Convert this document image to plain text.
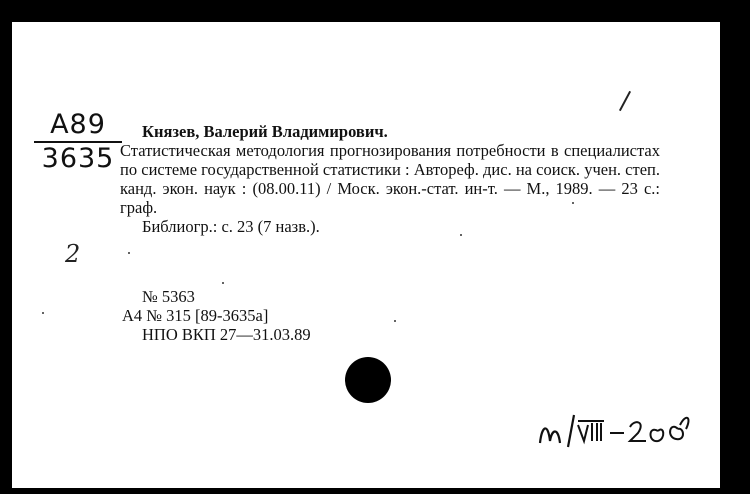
A89
3635
2

Князев, Валерий Владимирович.
Статистическая методология прогнозирования потребности в специалистах по системе государственной статистики : Автореф. дис. на соиск. учен. степ. канд. экон. наук : (08.00.11) / Моск. экон.-стат. ин-т. — М., 1989. — 23 с.: граф.

Библиогр.: с. 23 (7 назв.).

№ 5363
А4 № 315 [89-3635а]
НПО ВКП 27—31.03.89
